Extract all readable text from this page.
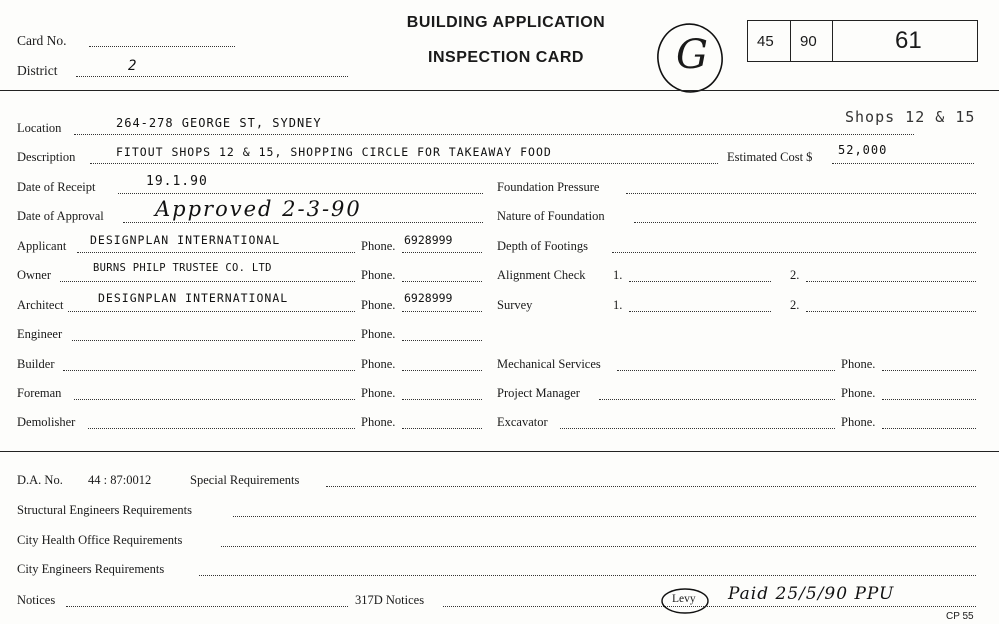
Card No.
District	2
BUILDING APPLICATION
INSPECTION CARD	G	45 90	61
Location	264-278 GEORGE ST, SYDNEY	Shops 12 & 15
Description	FITOUT SHOPS 12 & 15, SHOPPING CIRCLE FOR TAKEAWAY FOOD	Estimated Cost $ 52,000
Date of Receipt	19.1.90
Date of Approval Approved 2-3-90
Applicant DESIGNPLAN INTERNATIONAL	Phone. 6928999
Owner	BURNS PHILP TRUSTEE CO. LTD	Phone.
Architect	DESIGNPLAN INTERNATIONAL	Phone. 6928999
Engineer	Phone.
Builder	Phone.
Foreman	Phone.
Demolisher	Phone.
Foundation Pressure
Nature of Foundation
Depth of Footings
Alignment Check 1.	2.
Survey	1.	2.
Mechanical Services	Phone.
Project Manager	Phone.
Excavator	Phone.
D.A. No. 44 : 87:0012	Special Requirements
Structural Engineers Requirements
City Health Office Requirements
City Engineers Requirements
Notices	317D Notices	Levy Paid 25/5/90 PPU
CP 55
